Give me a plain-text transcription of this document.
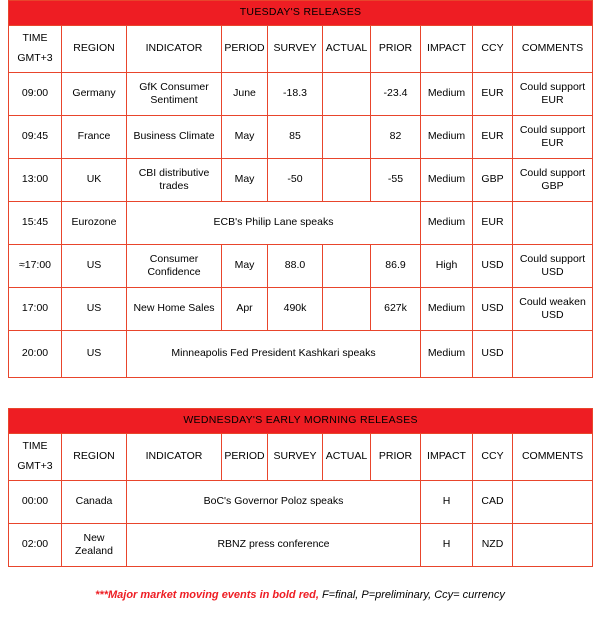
TUESDAY'S RELEASES									
TIME
GMT+3	REGION	INDICATOR	PERIOD	SURVEY	ACTUAL	PRIOR	IMPACT	CCY	COMMENTS
09:00	Germany	GfK Consumer Sentiment	June	-18.3		-23.4	Medium	EUR	Could support EUR
09:45	France	Business Climate	May	85		82	Medium	EUR	Could support EUR
13:00	UK	CBI distributive trades	May	-50		-55	Medium	GBP	Could support GBP
15:45	Eurozone	ECB's Philip Lane speaks					Medium	EUR	
≈17:00	US	Consumer Confidence	May	88.0		86.9	High	USD	Could support USD
17:00	US	New Home Sales	Apr	490k		627k	Medium	USD	Could weaken USD
20:00	US	Minneapolis Fed President Kashkari speaks					Medium	USD	
WEDNESDAY'S EARLY MORNING RELEASES									
TIME
GMT+3	REGION	INDICATOR	PERIOD	SURVEY	ACTUAL	PRIOR	IMPACT	CCY	COMMENTS
00:00	Canada	BoC's Governor Poloz speaks					H	CAD	
02:00	New Zealand	RBNZ press conference					H	NZD	
***Major market moving events in bold red, F=final, P=preliminary, Ccy= currency
